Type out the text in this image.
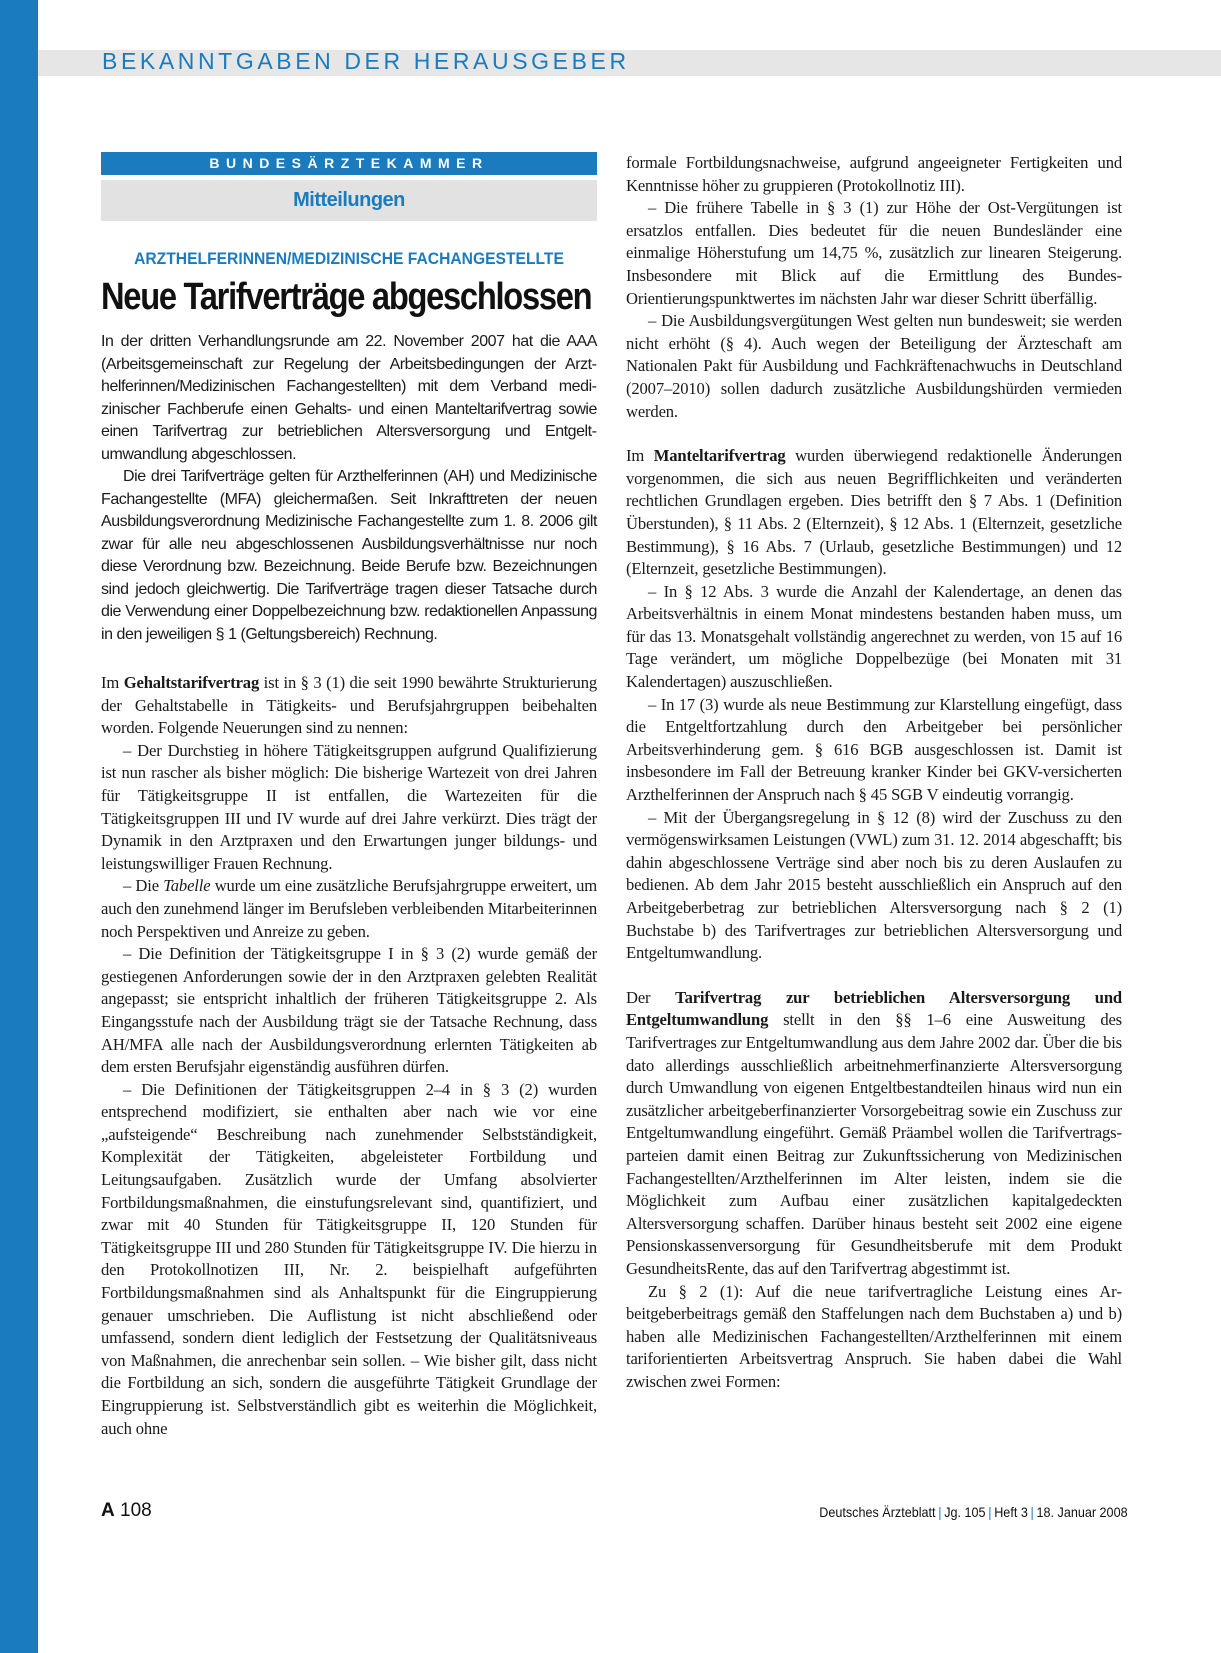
BEKANNTGABEN DER HERAUSGEBER
BUNDESÄRZTEKAMMER
Mitteilungen
ARZTHELFERINNEN/MEDIZINISCHE FACHANGESTELLTE
Neue Tarifverträge abgeschlossen

In der dritten Verhandlungsrunde am 22. November 2007 hat die AAA (Arbeitsgemeinschaft zur Regelung der Arbeitsbedingungen der Arzthelferinnen/Medizinischen Fachangestellten) mit dem Verband medizinischer Fachberufe einen Gehalts- und einen Manteltarifvertrag sowie einen Tarifvertrag zur betrieblichen Altersversorgung und Entgeltumwandlung abgeschlossen.

Die drei Tarifverträge gelten für Arzthelferinnen (AH) und Medizinische Fachangestellte (MFA) gleichermaßen. Seit Inkrafttreten der neuen Ausbildungsverordnung Medizinische Fachangestellte zum 1. 8. 2006 gilt zwar für alle neu abgeschlossenen Ausbildungsverhältnisse nur noch diese Verordnung bzw. Bezeichnung. Beide Berufe bzw. Bezeichnungen sind jedoch gleichwertig. Die Tarifverträge tragen dieser Tatsache durch die Verwendung einer Doppelbezeichnung bzw. redaktionellen Anpassung in den jeweiligen § 1 (Geltungsbereich) Rechnung.

Im Gehaltstarifvertrag ist in § 3 (1) die seit 1990 bewährte Strukturierung der Gehaltstabelle in Tätigkeits- und Berufsjahrgruppen beibehalten worden. Folgende Neuerungen sind zu nennen:

– Der Durchstieg in höhere Tätigkeitsgruppen aufgrund Qualifizierung ist nun rascher als bisher möglich: Die bisherige Wartezeit von drei Jahren für Tätigkeitsgruppe II ist entfallen, die Wartezeiten für die Tätigkeitsgruppen III und IV wurde auf drei Jahre verkürzt. Dies trägt der Dynamik in den Arztpraxen und den Erwartungen junger bildungs- und leistungswilliger Frauen Rechnung.

– Die Tabelle wurde um eine zusätzliche Berufsjahrgruppe erweitert, um auch den zunehmend länger im Berufsleben verbleibenden Mitarbeiterinnen noch Perspektiven und Anreize zu geben.

– Die Definition der Tätigkeitsgruppe I in § 3 (2) wurde gemäß der gestiegenen Anforderungen sowie der in den Arztpraxen gelebten Realität angepasst; sie entspricht inhaltlich der früheren Tätigkeitsgruppe 2. Als Eingangsstufe nach der Ausbildung trägt sie der Tatsache Rechnung, dass AH/MFA alle nach der Ausbildungsverordnung erlernten Tätigkeiten ab dem ersten Berufsjahr eigenständig ausführen dürfen.

– Die Definitionen der Tätigkeitsgruppen 2–4 in § 3 (2) wurden entsprechend modifiziert, sie enthalten aber nach wie vor eine „aufsteigende“ Beschreibung nach zunehmender Selbstständigkeit, Komplexität der Tätigkeiten, abgeleisteter Fortbildung und Leitungsaufgaben. Zusätzlich wurde der Umfang absolvierter Fortbildungsmaßnahmen, die einstufungsrelevant sind, quantifiziert, und zwar mit 40 Stunden für Tätigkeitsgruppe II, 120 Stunden für Tätigkeitsgruppe III und 280 Stunden für Tätigkeitsgruppe IV. Die hierzu in den Protokollnotizen III, Nr. 2. beispielhaft aufgeführten Fortbildungsmaßnahmen sind als Anhaltspunkt für die Eingruppierung genauer umschrieben. Die Auflistung ist nicht abschließend oder umfassend, sondern dient lediglich der Festsetzung der Qualitätsniveaus von Maßnahmen, die anrechenbar sein sollen. – Wie bisher gilt, dass nicht die Fortbildung an sich, sondern die ausgeführte Tätigkeit Grundlage der Eingruppierung ist. Selbstverständlich gibt es weiterhin die Möglichkeit, auch ohne

formale Fortbildungsnachweise, aufgrund angeeigneter Fertigkeiten und Kenntnisse höher zu gruppieren (Protokollnotiz III).

– Die frühere Tabelle in § 3 (1) zur Höhe der Ost-Vergütungen ist ersatzlos entfallen. Dies bedeutet für die neuen Bundesländer eine einmalige Höherstufung um 14,75 %, zusätzlich zur linearen Steigerung. Insbesondere mit Blick auf die Ermittlung des Bundes-Orientierungspunktwertes im nächsten Jahr war dieser Schritt überfällig.

– Die Ausbildungsvergütungen West gelten nun bundesweit; sie werden nicht erhöht (§ 4). Auch wegen der Beteiligung der Ärzteschaft am Nationalen Pakt für Ausbildung und Fachkräftenachwuchs in Deutschland (2007–2010) sollen dadurch zusätzliche Ausbildungshürden vermieden werden.

Im Manteltarifvertrag wurden überwiegend redaktionelle Änderungen vorgenommen, die sich aus neuen Begrifflichkeiten und veränderten rechtlichen Grundlagen ergeben. Dies betrifft den § 7 Abs. 1 (Definition Überstunden), § 11 Abs. 2 (Elternzeit), § 12 Abs. 1 (Elternzeit, gesetzliche Bestimmung), § 16 Abs. 7 (Urlaub, gesetzliche Bestimmungen) und 12 (Elternzeit, gesetzliche Bestimmungen).

– In § 12 Abs. 3 wurde die Anzahl der Kalendertage, an denen das Arbeitsverhältnis in einem Monat mindestens bestanden haben muss, um für das 13. Monatsgehalt vollständig angerechnet zu werden, von 15 auf 16 Tage verändert, um mögliche Doppelbezüge (bei Monaten mit 31 Kalendertagen) auszuschließen.

– In 17 (3) wurde als neue Bestimmung zur Klarstellung eingefügt, dass die Entgeltfortzahlung durch den Arbeitgeber bei persönlicher Arbeitsverhinderung gem. § 616 BGB ausgeschlossen ist. Damit ist insbesondere im Fall der Betreuung kranker Kinder bei GKV-versicherten Arzthelferinnen der Anspruch nach § 45 SGB V eindeutig vorrangig.

– Mit der Übergangsregelung in § 12 (8) wird der Zuschuss zu den vermögenswirksamen Leistungen (VWL) zum 31. 12. 2014 abgeschafft; bis dahin abgeschlossene Verträge sind aber noch bis zu deren Auslaufen zu bedienen. Ab dem Jahr 2015 besteht ausschließlich ein Anspruch auf den Arbeitgeberbetrag zur betrieblichen Altersversorgung nach § 2 (1) Buchstabe b) des Tarifvertrages zur betrieblichen Altersversorgung und Entgeltumwandlung.

Der Tarifvertrag zur betrieblichen Altersversorgung und Entgeltumwandlung stellt in den §§ 1–6 eine Ausweitung des Tarifvertrages zur Entgeltumwandlung aus dem Jahre 2002 dar. Über die bis dato allerdings ausschließlich arbeitnehmerfinanzierte Altersversorgung durch Umwandlung von eigenen Entgeltbestandteilen hinaus wird nun ein zusätzlicher arbeitgeberfinanzierter Vorsorgebeitrag sowie ein Zuschuss zur Entgeltumwandlung eingeführt. Gemäß Präambel wollen die Tarifvertragsparteien damit einen Beitrag zur Zukunftssicherung von Medizinischen Fachangestellten/Arzthelferinnen im Alter leisten, indem sie die Möglichkeit zum Aufbau einer zusätzlichen kapitalgedeckten Altersversorgung schaffen. Darüber hinaus besteht seit 2002 eine eigene Pensionskassenversorgung für Gesundheitsberufe mit dem Produkt GesundheitsRente, das auf den Tarifvertrag abgestimmt ist.

Zu § 2 (1): Auf die neue tarifvertragliche Leistung eines Arbeitgeberbeitrags gemäß den Staffelungen nach dem Buchstaben a) und b) haben alle Medizinischen Fachangestellten/Arzthelferinnen mit einem tariforientierten Arbeitsvertrag Anspruch. Sie haben dabei die Wahl zwischen zwei Formen:

A 108	Deutsches Ärzteblatt | Jg. 105 | Heft 3 | 18. Januar 2008
